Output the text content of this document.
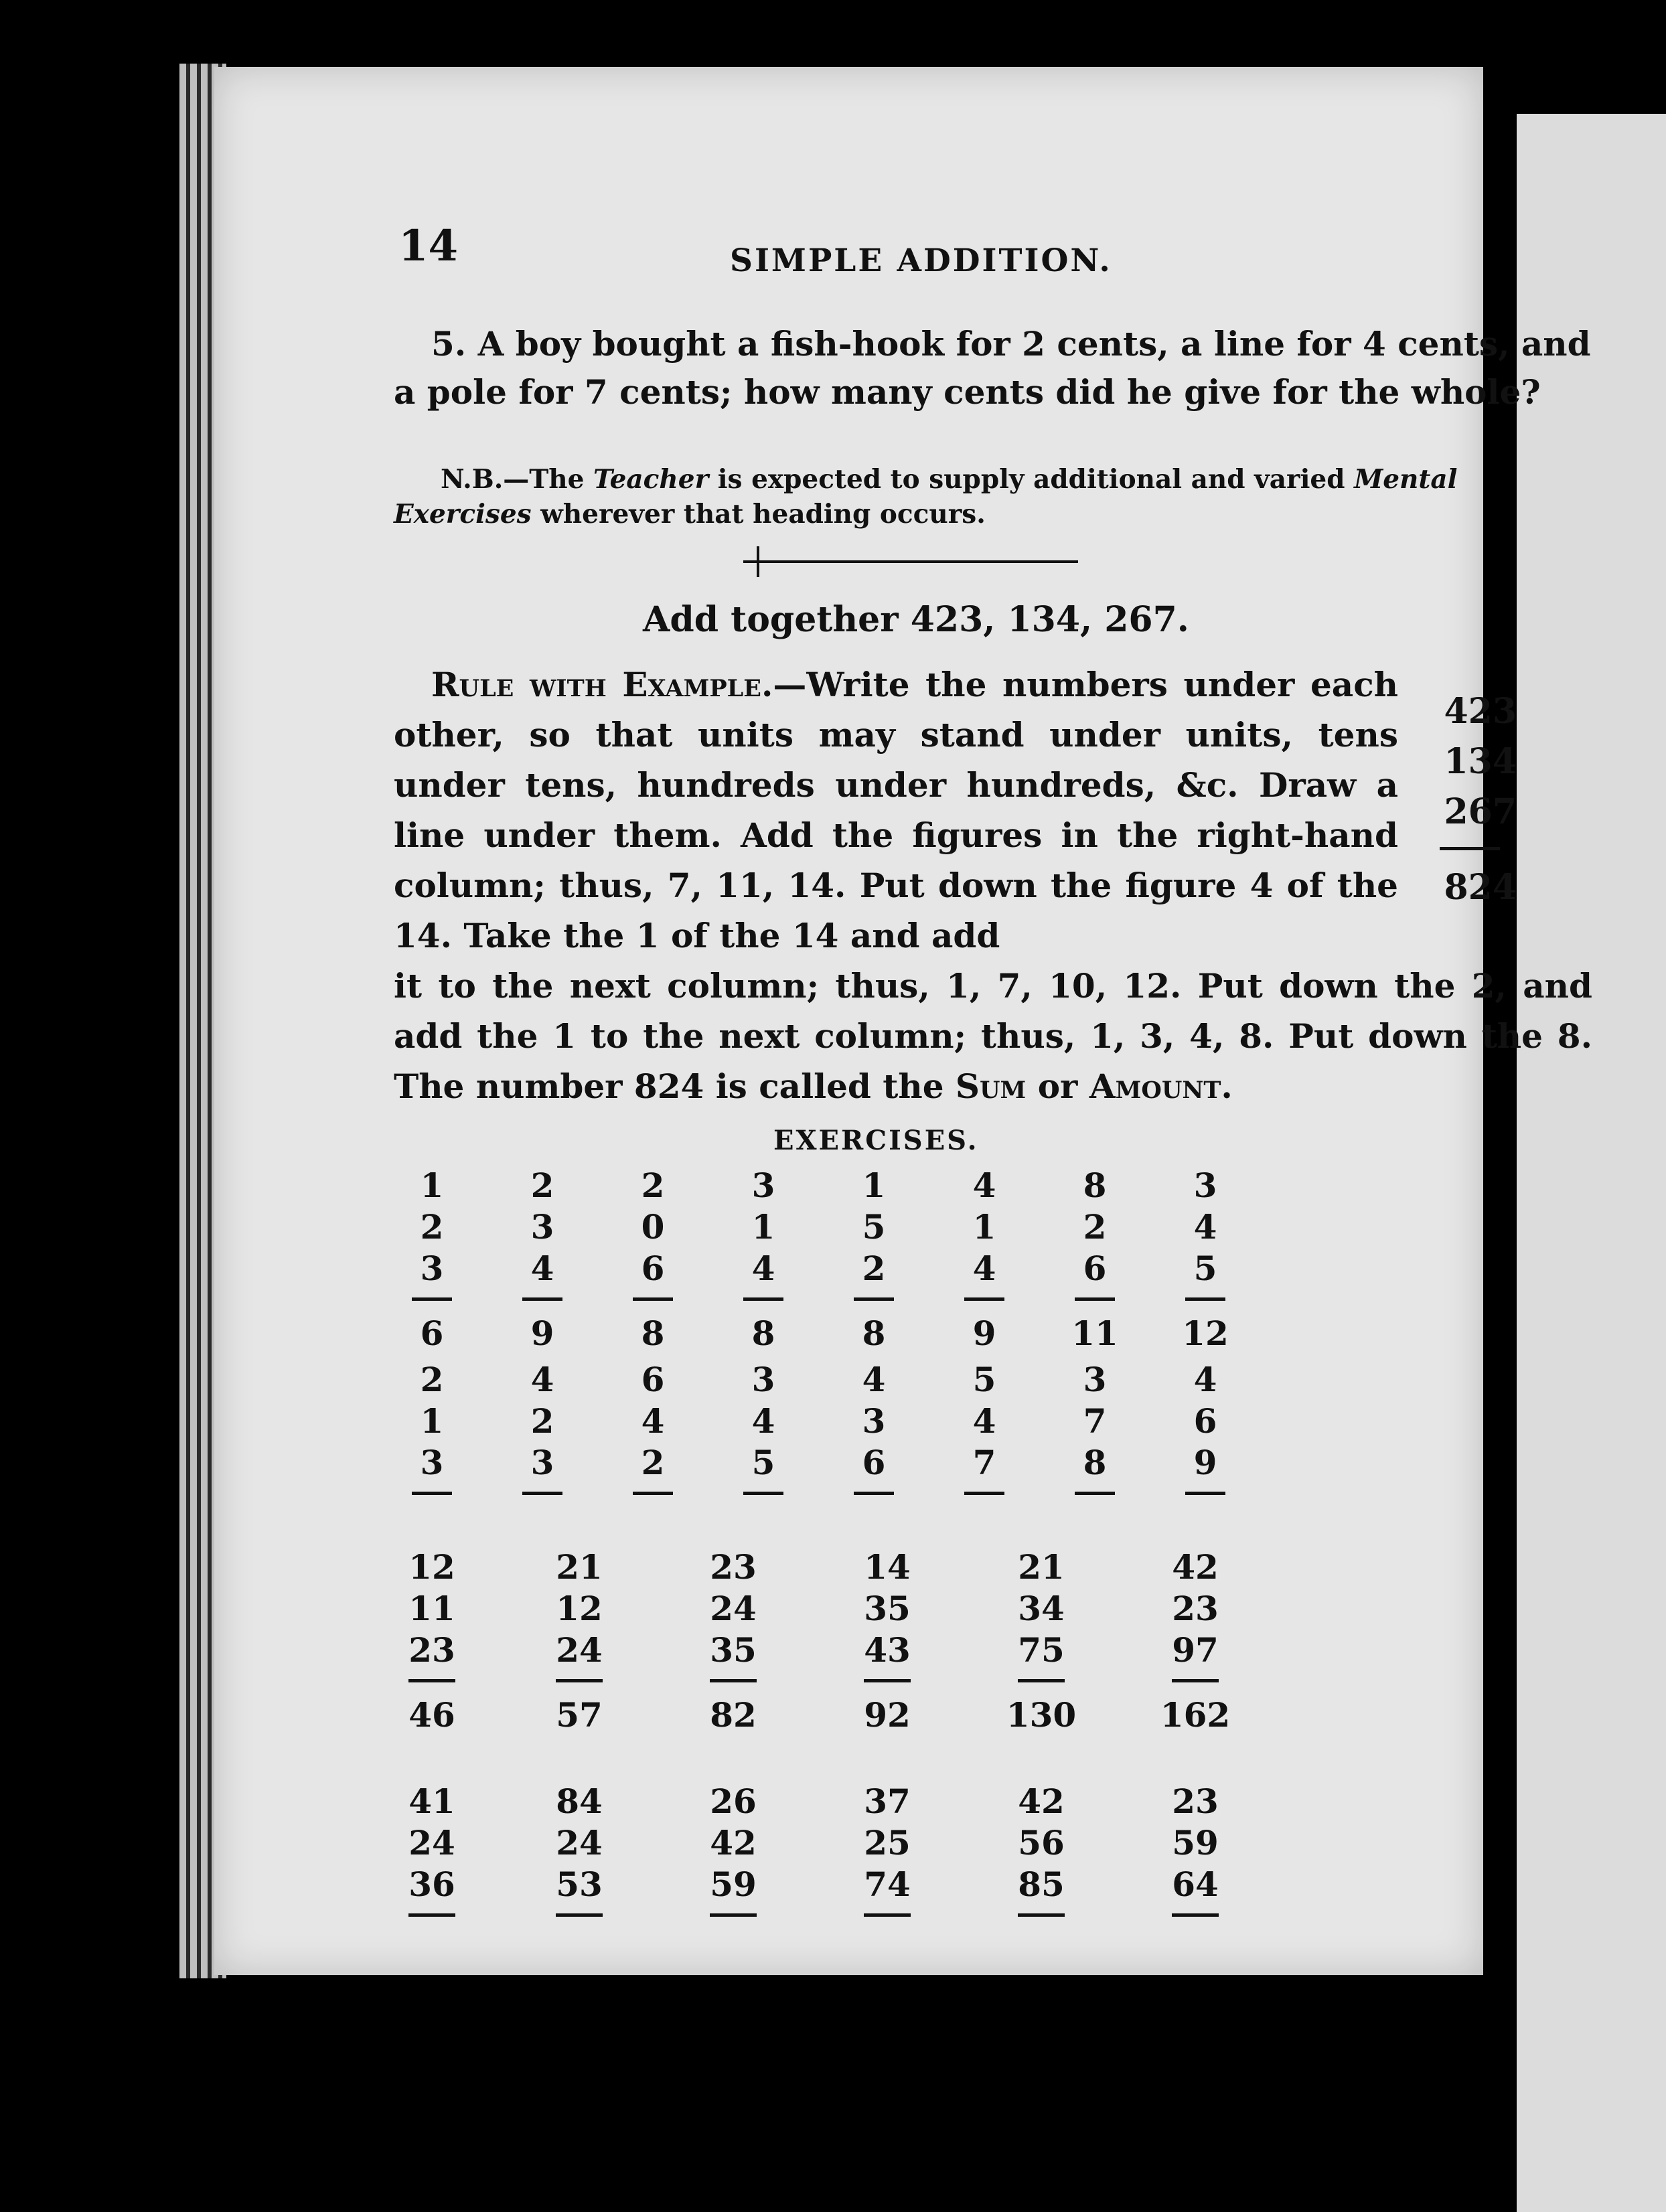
14	SIMPLE ADDITION.
5. A boy bought a fish-hook for 2 cents, a line for 4 cents, and a pole for 7 cents; how many cents did he give for the whole?
N.B.—The Teacher is expected to supply additional and varied Mental Exercises wherever that heading occurs.
Add together 423, 134, 267.
Rule with Example.—Write the numbers under each other, so that units may stand under units, tens under tens, hundreds under hundreds, &c. Draw a line under them. Add the figures in the right-hand column; thus, 7, 11, 14. Put down the figure 4 of the 14. Take the 1 of the 14 and add
it to the next column; thus, 1, 7, 10, 12. Put down the 2, and add the 1 to the next column; thus, 1, 3, 4, 8. Put down the 8. The number 824 is called the Sum or Amount.
423
134
267
824
EXERCISES.
1
2
3
6
2
3
4
9
2
0
6
8
3
1
4
8
1
5
2
8
4
1
4
9
8
2
6
11
3
4
5
12
2
1
3
4
2
3
6
4
2
3
4
5
4
3
6
5
4
7
3
7
8
4
6
9
12
11
23
46
21
12
24
57
23
24
35
82
14
35
43
92
21
34
75
130
42
23
97
162
41
24
36
84
24
53
26
42
59
37
25
74
42
56
85
23
59
64
